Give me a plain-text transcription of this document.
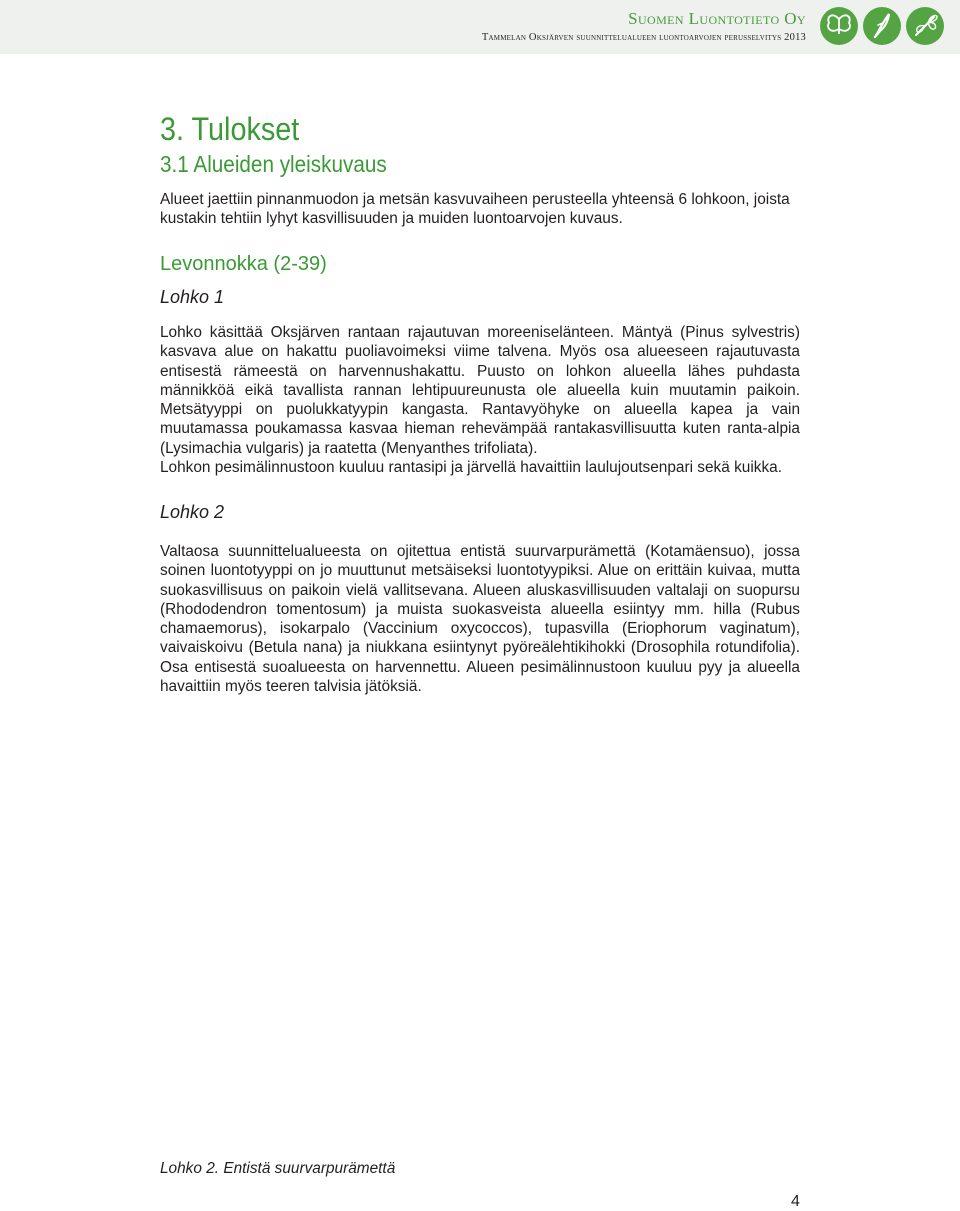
Suomen Luontotieto Oy
Tammelan Oksjärven suunnittelualueen luontoarvojen perusselvitys 2013
3. Tulokset
3.1 Alueiden yleiskuvaus
Alueet jaettiin pinnanmuodon ja metsän kasvuvaiheen perusteella yhteensä 6 lohkoon, joista kustakin tehtiin lyhyt kasvillisuuden ja muiden luontoarvojen kuvaus.
Levonnokka (2-39)
Lohko 1

Lohko käsittää Oksjärven rantaan rajautuvan moreeniselänteen. Mäntyä (Pinus sylvestris) kasvava alue on hakattu puoliavoimeksi viime talvena. Myös osa alueeseen rajautuvasta entisestä rämeestä on harvennushakattu. Puusto on lohkon alueella lähes puhdasta männikköä eikä tavallista rannan lehtipuureunusta ole alueella kuin muutamin paikoin. Metsätyyppi on puolukkatyypin kangasta. Rantavyöhyke on alueella kapea ja vain muutamassa poukamassa kasvaa hieman rehevämpää rantakasvillisuutta kuten ranta-alpia (Lysimachia vulgaris) ja raatetta (Menyanthes trifoliata).

Lohkon pesimälinnustoon kuuluu rantasipi ja järvellä havaittiin laulujoutsenpari sekä kuikka.

Lohko 2

Valtaosa suunnittelualueesta on ojitettua entistä suurvarpurämettä (Kotamäensuo), jossa soinen luontotyyppi on jo muuttunut metsäiseksi luontotyypiksi. Alue on erittäin kuivaa, mutta suokasvillisuus on paikoin vielä vallitsevana. Alueen aluskasvillisuuden valtalaji on suopursu (Rhododendron tomentosum) ja muista suokasveista alueella esiintyy mm. hilla (Rubus chamaemorus), isokarpalo (Vaccinium oxycoccos), tupasvilla (Eriophorum vaginatum), vaivaiskoivu (Betula nana) ja niukkana esiintynyt pyöreälehtikihokki (Drosophila rotundifolia). Osa entisestä suoalueesta on harvennettu. Alueen pesimälinnustoon kuuluu pyy ja alueella havaittiin myös teeren talvisia jätöksiä.

Lohko 2. Entistä suurvarpurämettä
4
